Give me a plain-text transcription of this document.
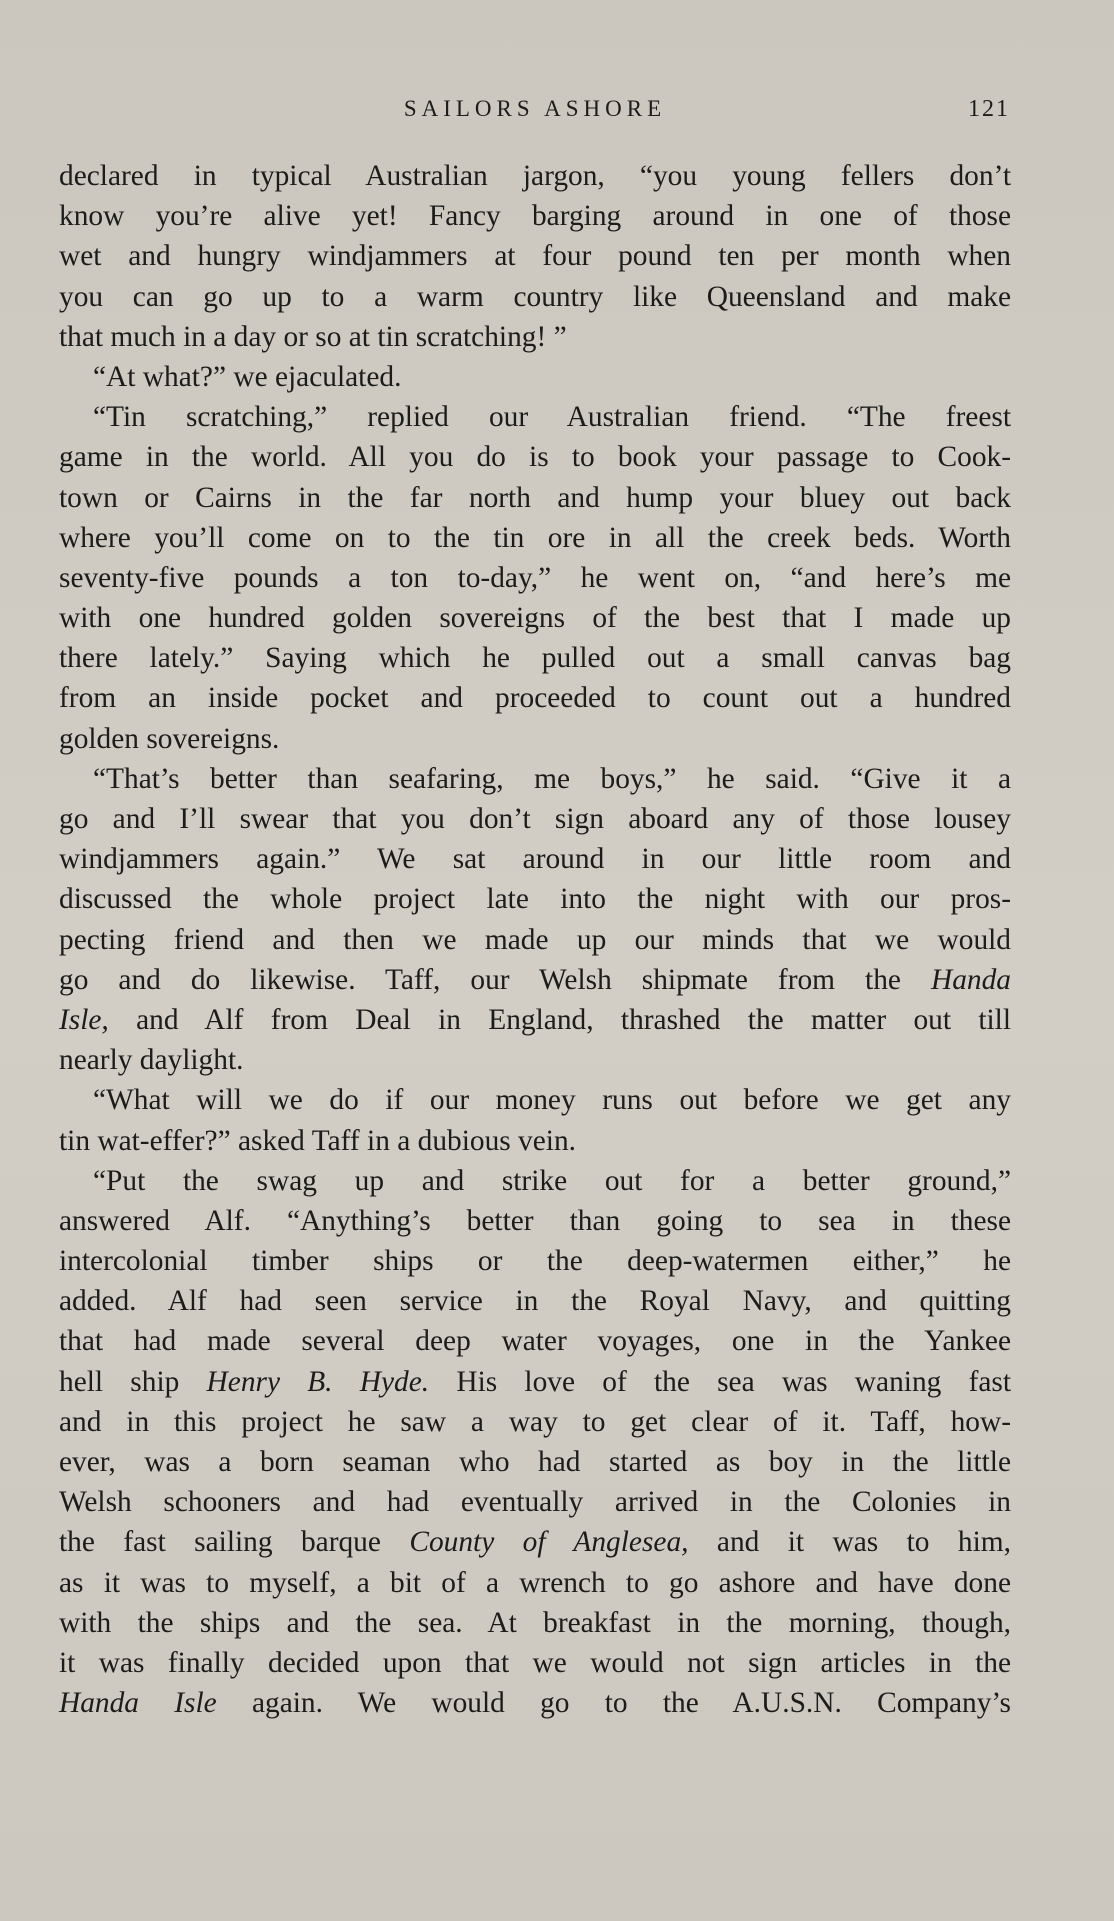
SAILORS ASHORE	121
declared in typical Australian jargon, “you young fellers don’t
know you’re alive yet! Fancy barging around in one of those
wet and hungry windjammers at four pound ten per month when
you can go up to a warm country like Queensland and make
that much in a day or so at tin scratching! ”
“At what?” we ejaculated.
“Tin scratching,” replied our Australian friend. “The freest
game in the world. All you do is to book your passage to Cook-
town or Cairns in the far north and hump your bluey out back
where you’ll come on to the tin ore in all the creek beds. Worth
seventy-five pounds a ton to-day,” he went on, “and here’s me
with one hundred golden sovereigns of the best that I made up
there lately.” Saying which he pulled out a small canvas bag
from an inside pocket and proceeded to count out a hundred
golden sovereigns.
“That’s better than seafaring, me boys,” he said. “Give it a
go and I’ll swear that you don’t sign aboard any of those lousey
windjammers again.” We sat around in our little room and
discussed the whole project late into the night with our pros-
pecting friend and then we made up our minds that we would
go and do likewise. Taff, our Welsh shipmate from the Handa
Isle, and Alf from Deal in England, thrashed the matter out till
nearly daylight.
“What will we do if our money runs out before we get any
tin wat-effer?” asked Taff in a dubious vein.
“Put the swag up and strike out for a better ground,”
answered Alf. “Anything’s better than going to sea in these
intercolonial timber ships or the deep-watermen either,” he
added. Alf had seen service in the Royal Navy, and quitting
that had made several deep water voyages, one in the Yankee
hell ship Henry B. Hyde. His love of the sea was waning fast
and in this project he saw a way to get clear of it. Taff, how-
ever, was a born seaman who had started as boy in the little
Welsh schooners and had eventually arrived in the Colonies in
the fast sailing barque County of Anglesea, and it was to him,
as it was to myself, a bit of a wrench to go ashore and have done
with the ships and the sea. At breakfast in the morning, though,
it was finally decided upon that we would not sign articles in the
Handa Isle again. We would go to the A.U.S.N. Company’s
